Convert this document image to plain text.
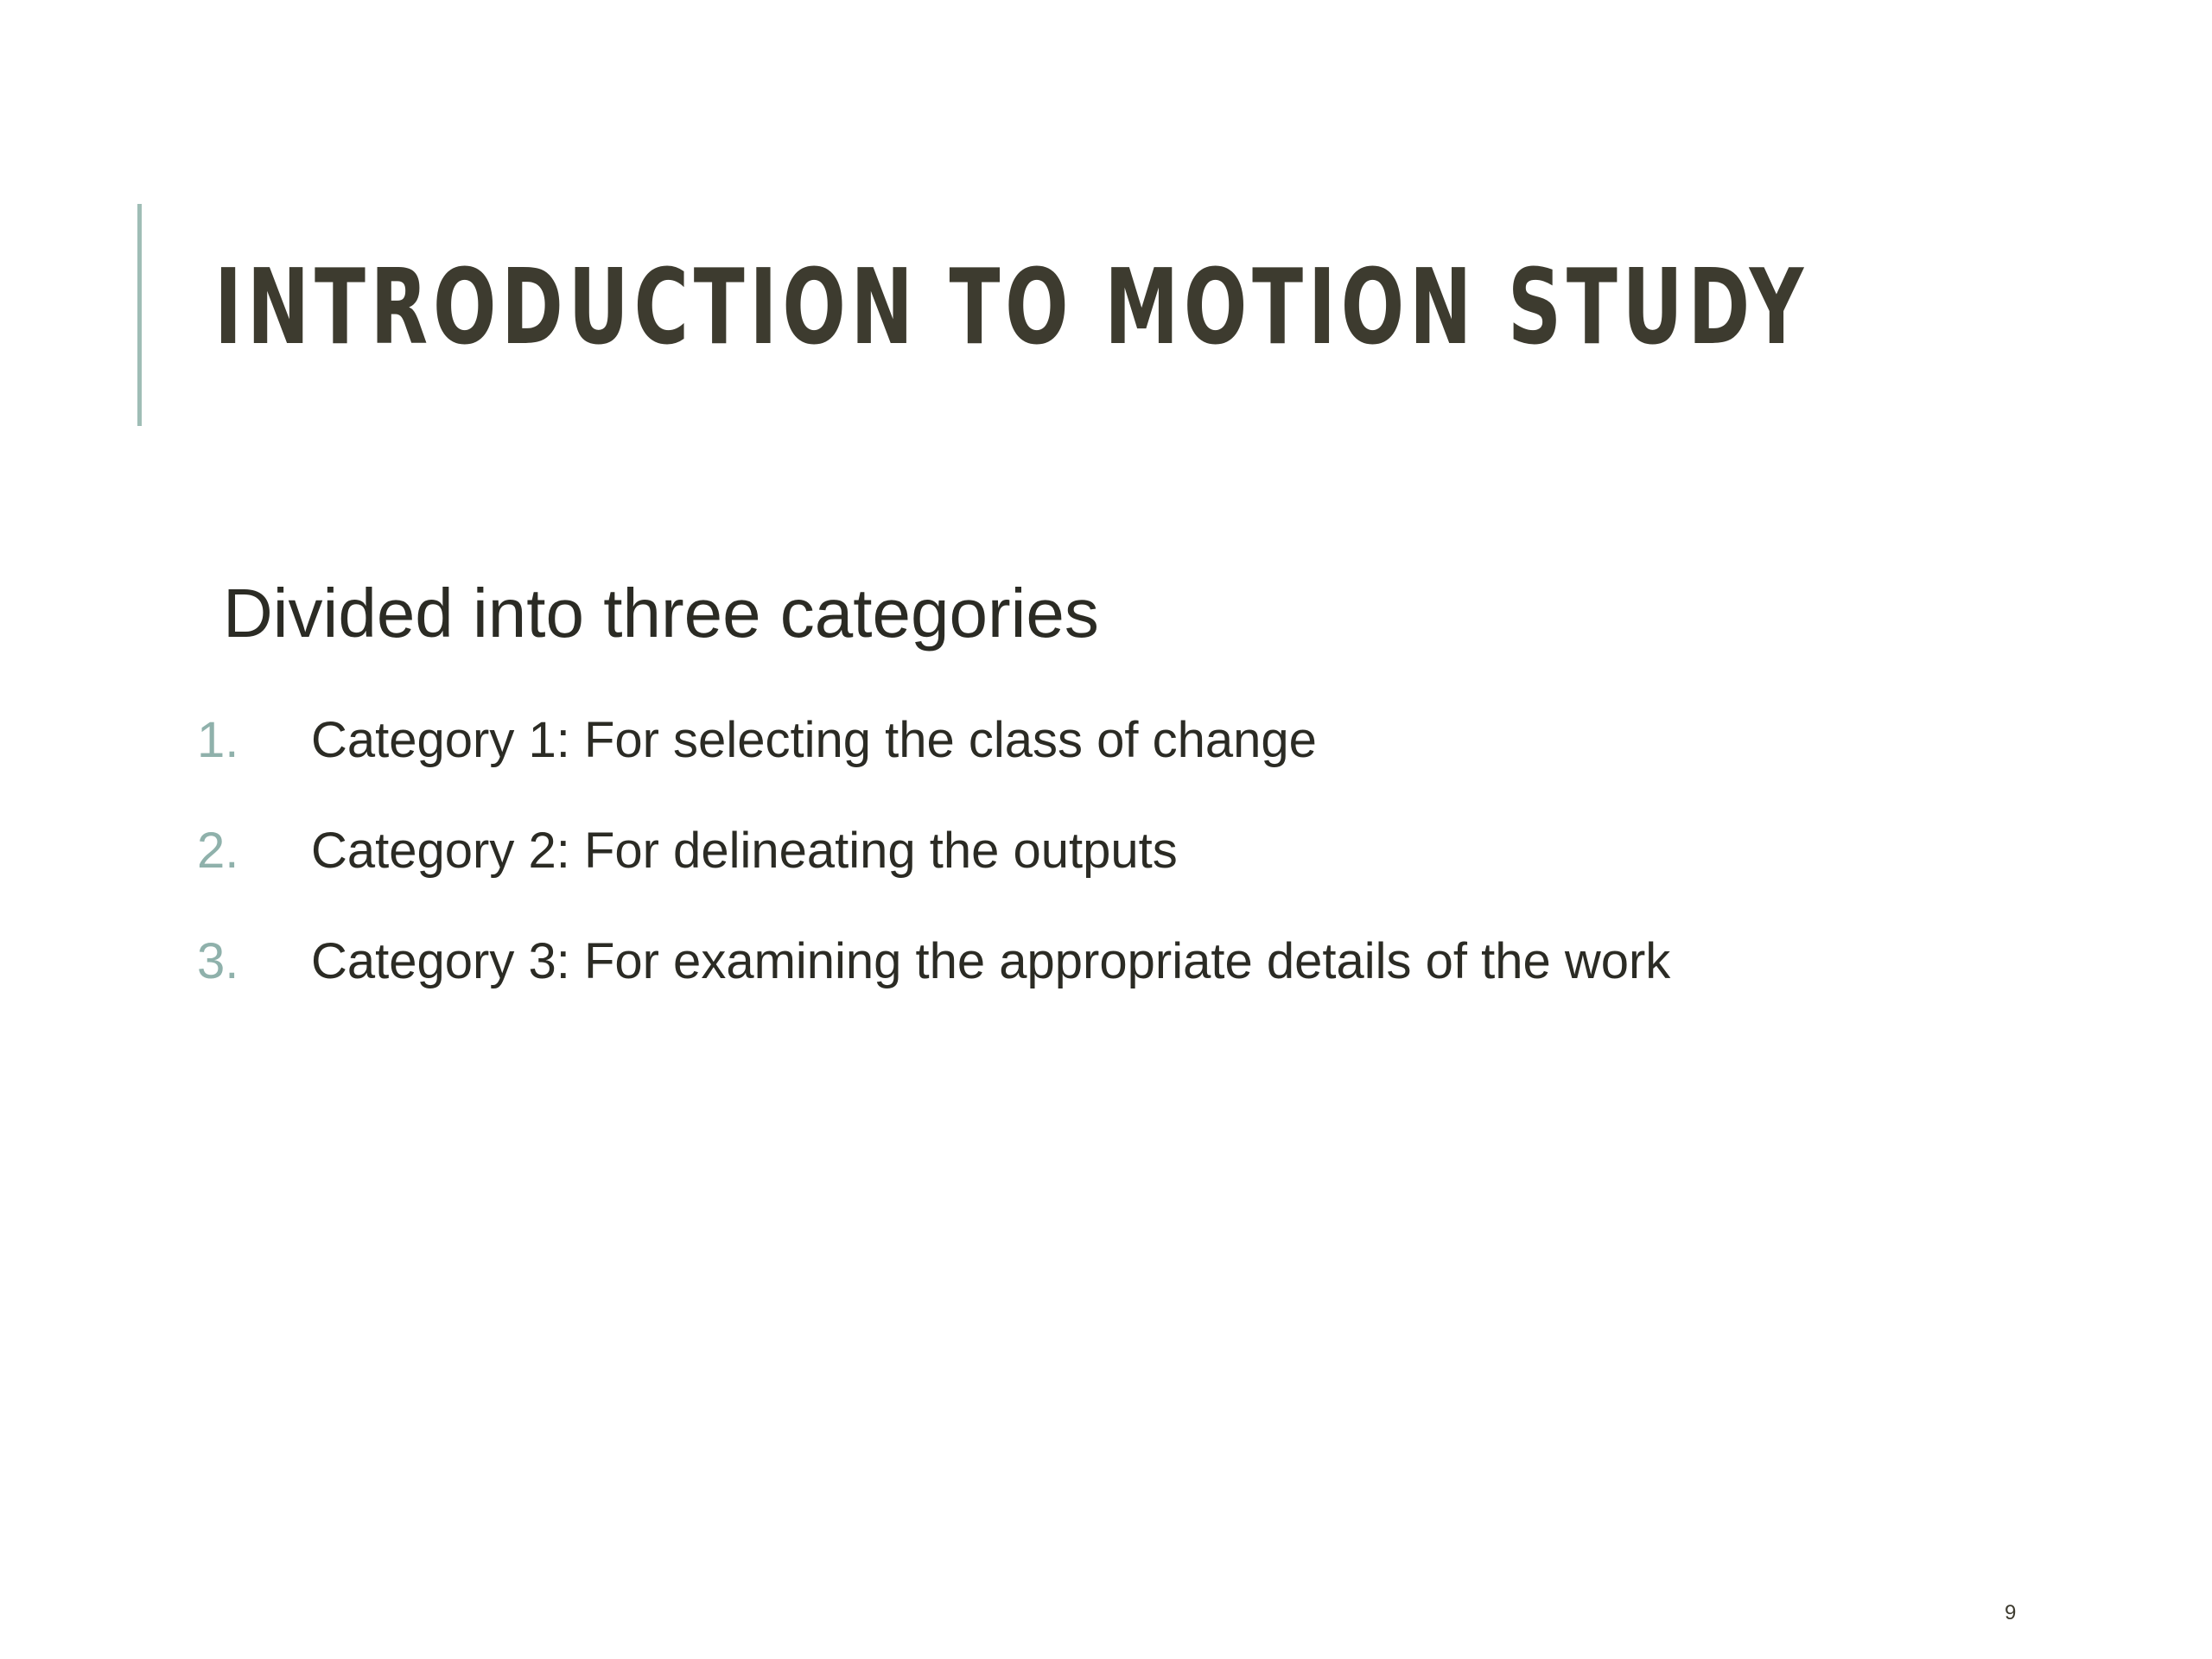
INTRODUCTION TO MOTION STUDY

Divided into three categories

1.	Category 1: For selecting the class of change
2.	Category 2: For delineating the outputs
3.	Category 3: For examining the appropriate details of the work
9
